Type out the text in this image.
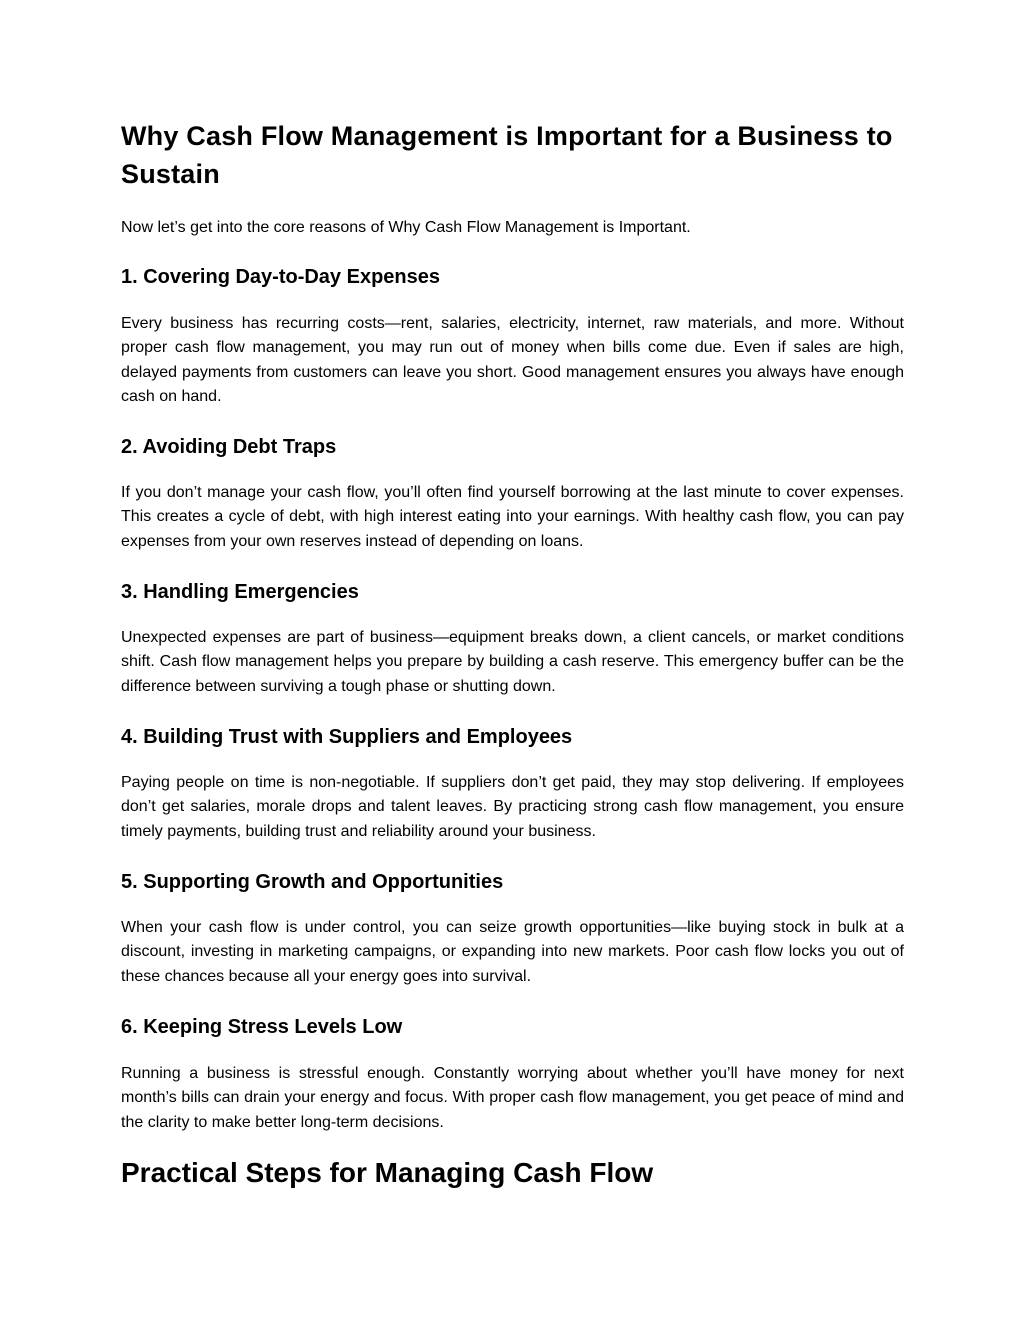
Why Cash Flow Management is Important for a Business to Sustain

Now let’s get into the core reasons of Why Cash Flow Management is Important.

1. Covering Day-to-Day Expenses

Every business has recurring costs—rent, salaries, electricity, internet, raw materials, and more. Without proper cash flow management, you may run out of money when bills come due. Even if sales are high, delayed payments from customers can leave you short. Good management ensures you always have enough cash on hand.

2. Avoiding Debt Traps

If you don’t manage your cash flow, you’ll often find yourself borrowing at the last minute to cover expenses. This creates a cycle of debt, with high interest eating into your earnings. With healthy cash flow, you can pay expenses from your own reserves instead of depending on loans.

3. Handling Emergencies

Unexpected expenses are part of business—equipment breaks down, a client cancels, or market conditions shift. Cash flow management helps you prepare by building a cash reserve. This emergency buffer can be the difference between surviving a tough phase or shutting down.

4. Building Trust with Suppliers and Employees

Paying people on time is non-negotiable. If suppliers don’t get paid, they may stop delivering. If employees don’t get salaries, morale drops and talent leaves. By practicing strong cash flow management, you ensure timely payments, building trust and reliability around your business.

5. Supporting Growth and Opportunities

When your cash flow is under control, you can seize growth opportunities—like buying stock in bulk at a discount, investing in marketing campaigns, or expanding into new markets. Poor cash flow locks you out of these chances because all your energy goes into survival.

6. Keeping Stress Levels Low

Running a business is stressful enough. Constantly worrying about whether you’ll have money for next month’s bills can drain your energy and focus. With proper cash flow management, you get peace of mind and the clarity to make better long-term decisions.

Practical Steps for Managing Cash Flow
